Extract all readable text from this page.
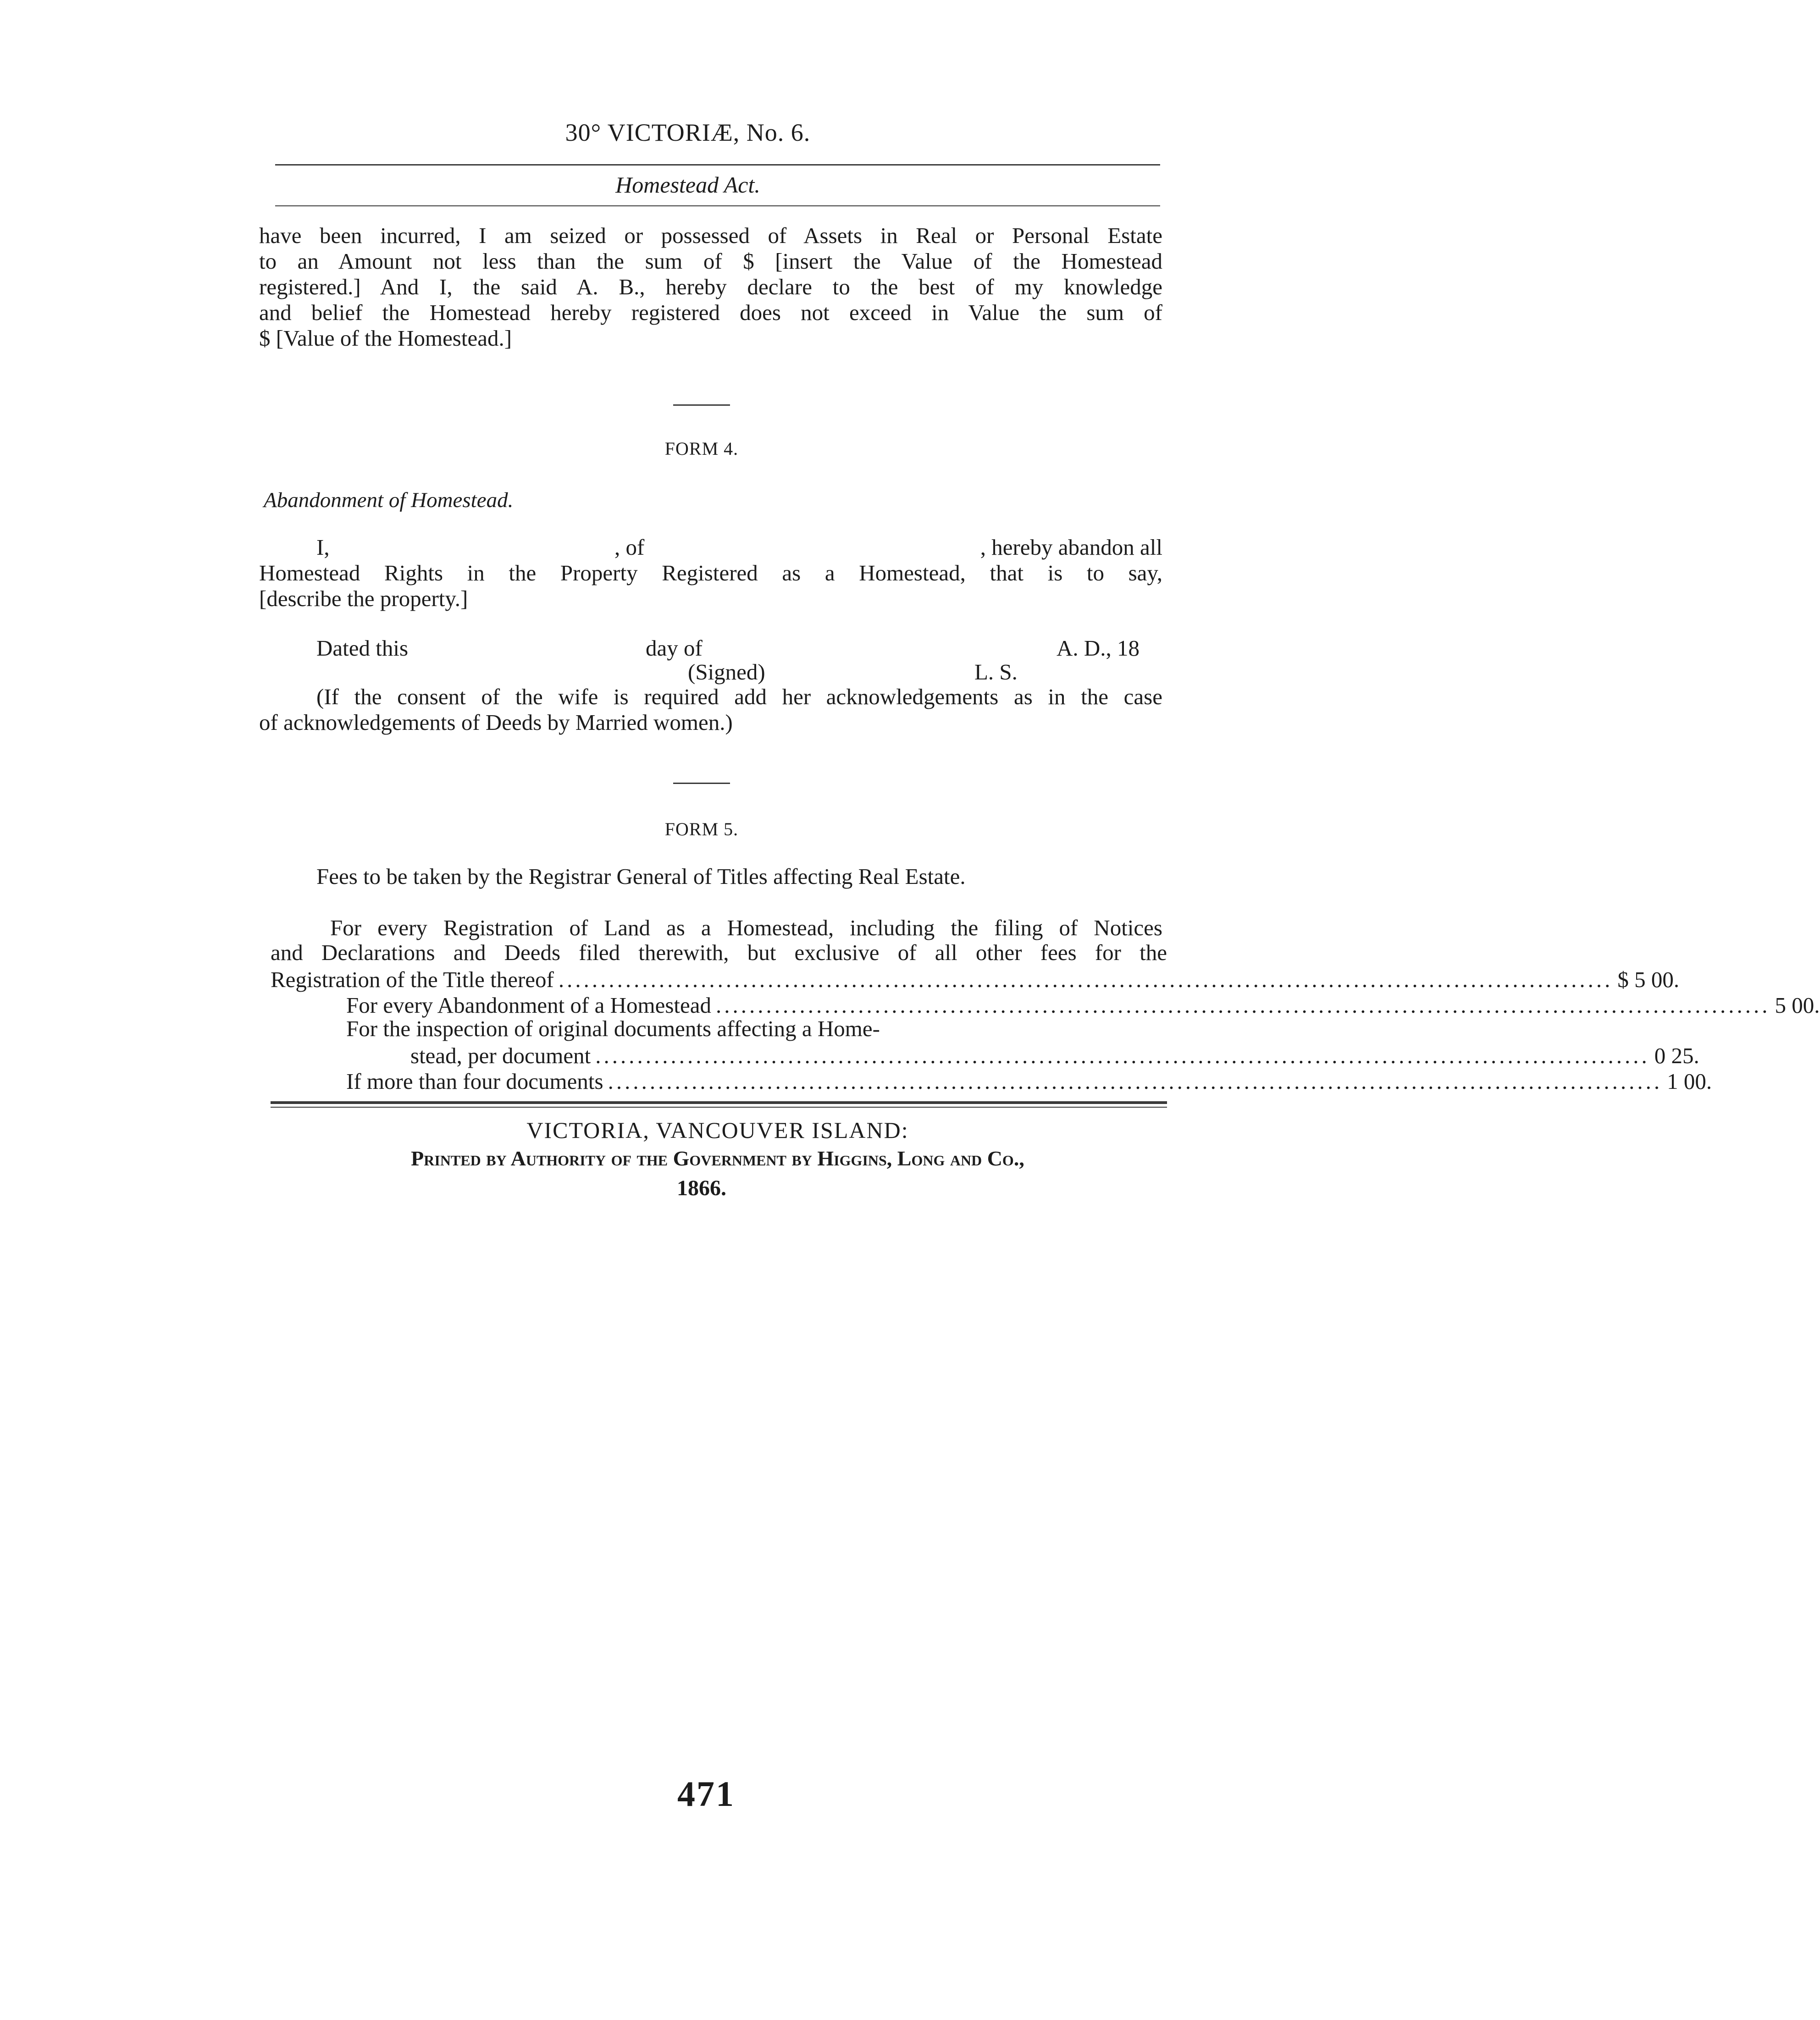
30° VICTORIÆ, No. 6.
Homestead Act.
have been incurred, I am seized or possessed of Assets in Real or Personal Estate
to an Amount not less than the sum of $ [insert the Value of the Homestead
registered.] And I, the said A. B., hereby declare to the best of my knowledge
and belief the Homestead hereby registered does not exceed in Value the sum of
$ [Value of the Homestead.]
FORM 4.
Abandonment of Homestead.
I,	, of	, hereby abandon all
Homestead Rights in the Property Registered as a Homestead, that is to say,
[describe the property.]
Dated this	day of	A. D., 18
(Signed)	L. S.
(If the consent of the wife is required add her acknowledgements as in the case
of acknowledgements of Deeds by Married women.)
FORM 5.
Fees to be taken by the Registrar General of Titles affecting Real Estate.
For every Registration of Land as a Homestead, including the filing of Notices
and Declarations and Deeds filed therewith, but exclusive of all other fees for the
Registration of the Title thereof .............................................................................................................................. $ 5 00.
For every Abandonment of a Homestead .............................................................................................................................. 5 00.
For the inspection of original documents affecting a Home-
stead, per document .............................................................................................................................. 0 25.
If more than four documents .............................................................................................................................. 1 00.
VICTORIA, VANCOUVER ISLAND:
Printed by Authority of the Government by Higgins, Long and Co.,
1866.
471
